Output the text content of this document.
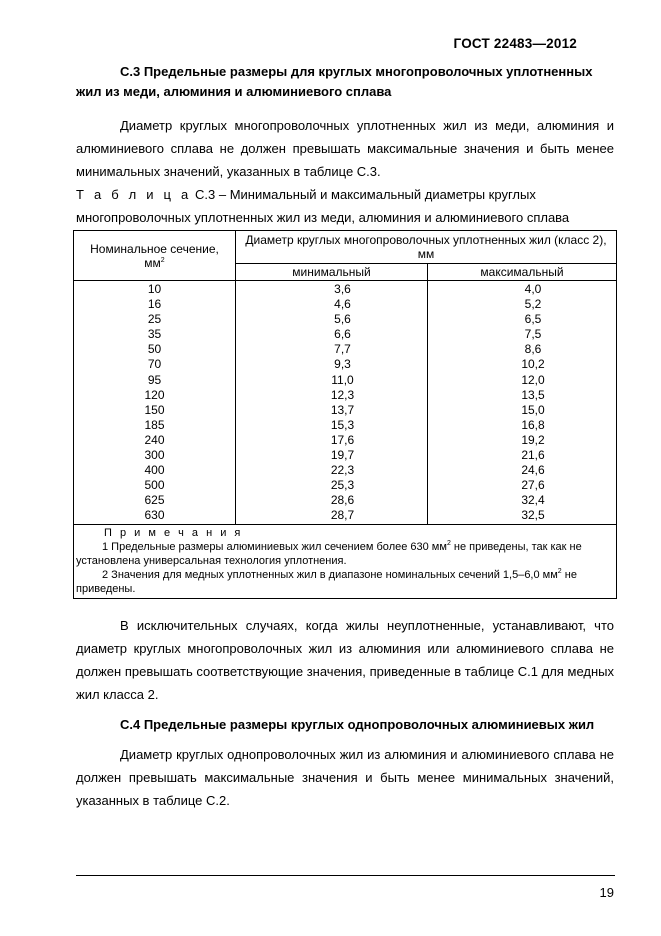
ГОСТ 22483—2012
С.3 Предельные размеры для круглых многопроволочных уплотненных жил из меди, алюминия и алюминиевого сплава
Диаметр круглых многопроволочных уплотненных жил из меди, алюминия и алюминиевого сплава не должен превышать максимальные значения и быть менее минимальных значений, указанных в таблице С.3.
Т а б л и ц а С.3 – Минимальный и максимальный диаметры круглых многопроволочных уплотненных жил из меди, алюминия и алюминиевого сплава
Номинальное сечение, $мм^2$	Диаметр круглых многопроволочных уплотненных жил (класс 2), мм	
	минимальный	максимальный
10	3,6	4,0
16	4,6	5,2
25	5,6	6,5
35	6,6	7,5
50	7,7	8,6
70	9,3	10,2
95	11,0	12,0
120	12,3	13,5
150	13,7	15,0
185	15,3	16,8
240	17,6	19,2
300	19,7	21,6
400	22,3	24,6
500	25,3	27,6
625	28,6	32,4
630	28,7	32,5

П р и м е ч а н и я
1 Предельные размеры алюминиевых жил сечением более 630 $мм^2$ не приведены, так как не установлена универсальная технология уплотнения.
2 Значения для медных уплотненных жил в диапазоне номинальных сечений 1,5–6,0 $мм^2$ не приведены.		
В исключительных случаях, когда жилы неуплотненные, устанавливают, что диаметр круглых многопроволочных жил из алюминия или алюминиевого сплава не должен превышать соответствующие значения, приведенные в таблице С.1 для медных жил класса 2.
С.4 Предельные размеры круглых однопроволочных алюминиевых жил
Диаметр круглых однопроволочных жил из алюминия и алюминиевого сплава не должен превышать максимальные значения и быть менее минимальных значений, указанных в таблице С.2.
19
